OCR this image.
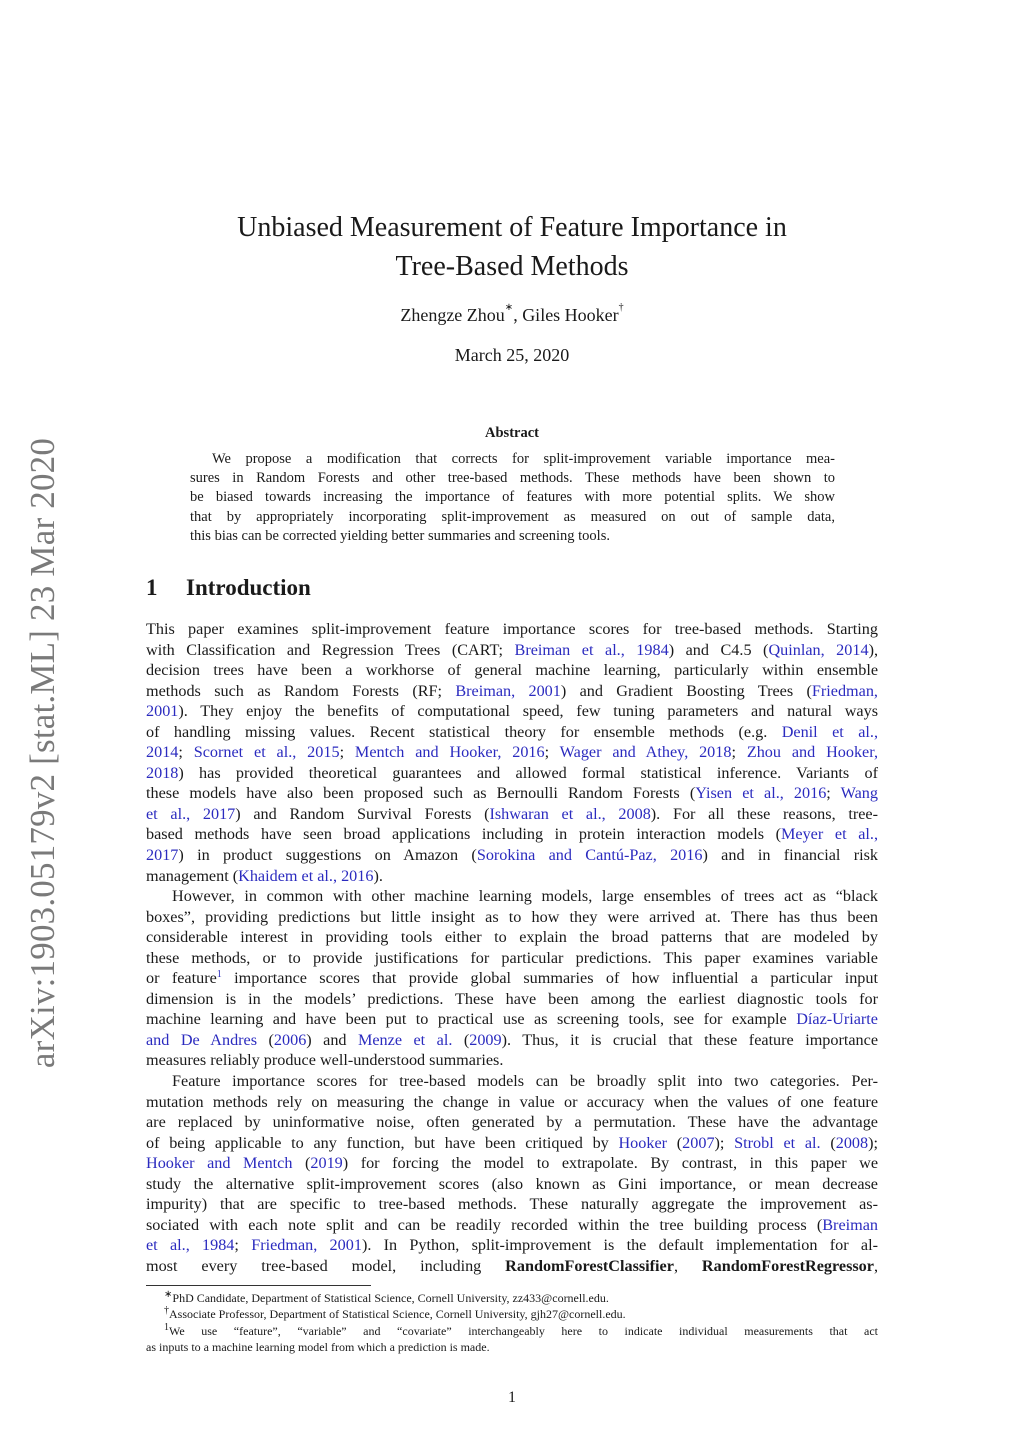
arXiv:1903.05179v2 [stat.ML] 23 Mar 2020
Unbiased Measurement of Feature Importance in
Tree-Based Methods
Zhengze Zhou∗, Giles Hooker†
March 25, 2020
Abstract
We propose a modification that corrects for split-improvement variable importance mea-
sures in Random Forests and other tree-based methods. These methods have been shown to
be biased towards increasing the importance of features with more potential splits. We show
that by appropriately incorporating split-improvement as measured on out of sample data,
this bias can be corrected yielding better summaries and screening tools.
1 Introduction
This paper examines split-improvement feature importance scores for tree-based methods. Starting
with Classification and Regression Trees (CART; Breiman et al., 1984) and C4.5 (Quinlan, 2014),
decision trees have been a workhorse of general machine learning, particularly within ensemble
methods such as Random Forests (RF; Breiman, 2001) and Gradient Boosting Trees (Friedman,
2001). They enjoy the benefits of computational speed, few tuning parameters and natural ways
of handling missing values. Recent statistical theory for ensemble methods (e.g. Denil et al.,
2014; Scornet et al., 2015; Mentch and Hooker, 2016; Wager and Athey, 2018; Zhou and Hooker,
2018) has provided theoretical guarantees and allowed formal statistical inference. Variants of
these models have also been proposed such as Bernoulli Random Forests (Yisen et al., 2016; Wang
et al., 2017) and Random Survival Forests (Ishwaran et al., 2008). For all these reasons, tree-
based methods have seen broad applications including in protein interaction models (Meyer et al.,
2017) in product suggestions on Amazon (Sorokina and Cantú-Paz, 2016) and in financial risk
management (Khaidem et al., 2016).
However, in common with other machine learning models, large ensembles of trees act as “black
boxes”, providing predictions but little insight as to how they were arrived at. There has thus been
considerable interest in providing tools either to explain the broad patterns that are modeled by
these methods, or to provide justifications for particular predictions. This paper examines variable
or feature$^1$ importance scores that provide global summaries of how influential a particular input
dimension is in the models’ predictions. These have been among the earliest diagnostic tools for
machine learning and have been put to practical use as screening tools, see for example Díaz-Uriarte
and De Andres (2006) and Menze et al. (2009). Thus, it is crucial that these feature importance
measures reliably produce well-understood summaries.
Feature importance scores for tree-based models can be broadly split into two categories. Per-
mutation methods rely on measuring the change in value or accuracy when the values of one feature
are replaced by uninformative noise, often generated by a permutation. These have the advantage
of being applicable to any function, but have been critiqued by Hooker (2007); Strobl et al. (2008);
Hooker and Mentch (2019) for forcing the model to extrapolate. By contrast, in this paper we
study the alternative split-improvement scores (also known as Gini importance, or mean decrease
impurity) that are specific to tree-based methods. These naturally aggregate the improvement as-
sociated with each note split and can be readily recorded within the tree building process (Breiman
et al., 1984; Friedman, 2001). In Python, split-improvement is the default implementation for al-
most every tree-based model, including RandomForestClassifier, RandomForestRegressor,
∗PhD Candidate, Department of Statistical Science, Cornell University, zz433@cornell.edu.
†Associate Professor, Department of Statistical Science, Cornell University, gjh27@cornell.edu.
$^1$We use “feature”, “variable” and “covariate” interchangeably here to indicate individual measurements that act
as inputs to a machine learning model from which a prediction is made.
1
